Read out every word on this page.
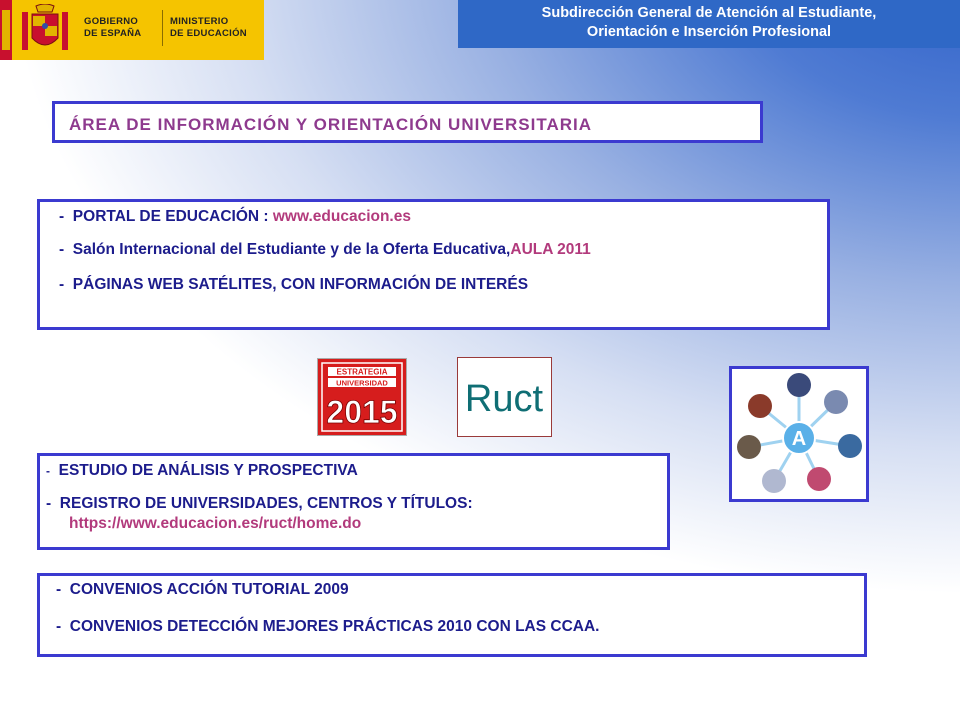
GOBIERNO
DE ESPAÑA
MINISTERIO
DE EDUCACIÓN
Subdirección General de Atención al Estudiante,
Orientación e Inserción Profesional
ÁREA DE INFORMACIÓN Y ORIENTACIÓN UNIVERSITARIA
- PORTAL DE EDUCACIÓN : www.educacion.es
- Salón Internacional del Estudiante y de la Oferta Educativa,AULA 2011
- PÁGINAS WEB SATÉLITES, CON INFORMACIÓN DE INTERÉS
ESTRATEGIA
UNIVERSIDAD
2015 Ruct
A
- ESTUDIO DE ANÁLISIS Y PROSPECTIVA
- REGISTRO DE UNIVERSIDADES, CENTROS Y TÍTULOS:
https://www.educacion.es/ruct/home.do
- CONVENIOS ACCIÓN TUTORIAL 2009
- CONVENIOS DETECCIÓN MEJORES PRÁCTICAS 2010 CON LAS CCAA.
